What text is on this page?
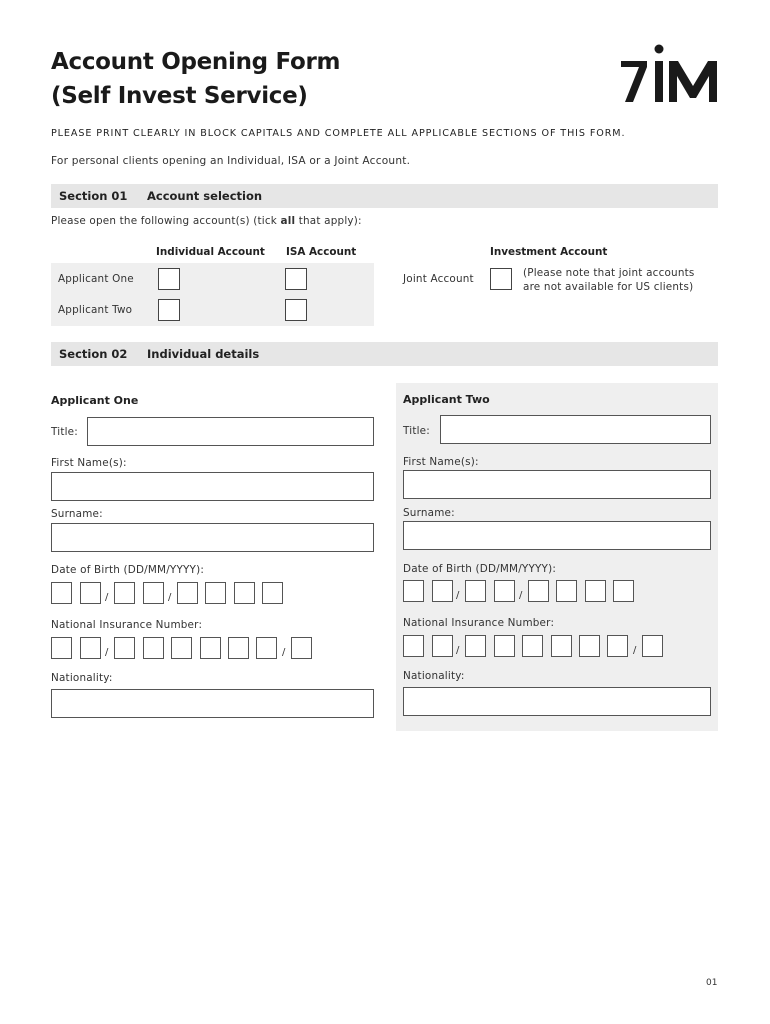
Account Opening Form
(Self Invest Service)
PLEASE PRINT CLEARLY IN BLOCK CAPITALS AND COMPLETE ALL APPLICABLE SECTIONS OF THIS FORM.
For personal clients opening an Individual, ISA or a Joint Account.
Section 01 Account selection
Please open the following account(s) (tick all that apply):
Individual Account ISA Account	Investment Account
Applicant One
Applicant Two
Joint Account	(Please note that joint accounts
are not available for US clients)
Section 02 Individual details
Applicant One
Title:
First Name(s):
Surname:
Date of Birth (DD/MM/YYYY):
/	/
National Insurance Number:
/	/
Nationality:
Applicant Two
Title:
First Name(s):
Surname:
Date of Birth (DD/MM/YYYY):
/	/
National Insurance Number:
/	/
Nationality:
01
